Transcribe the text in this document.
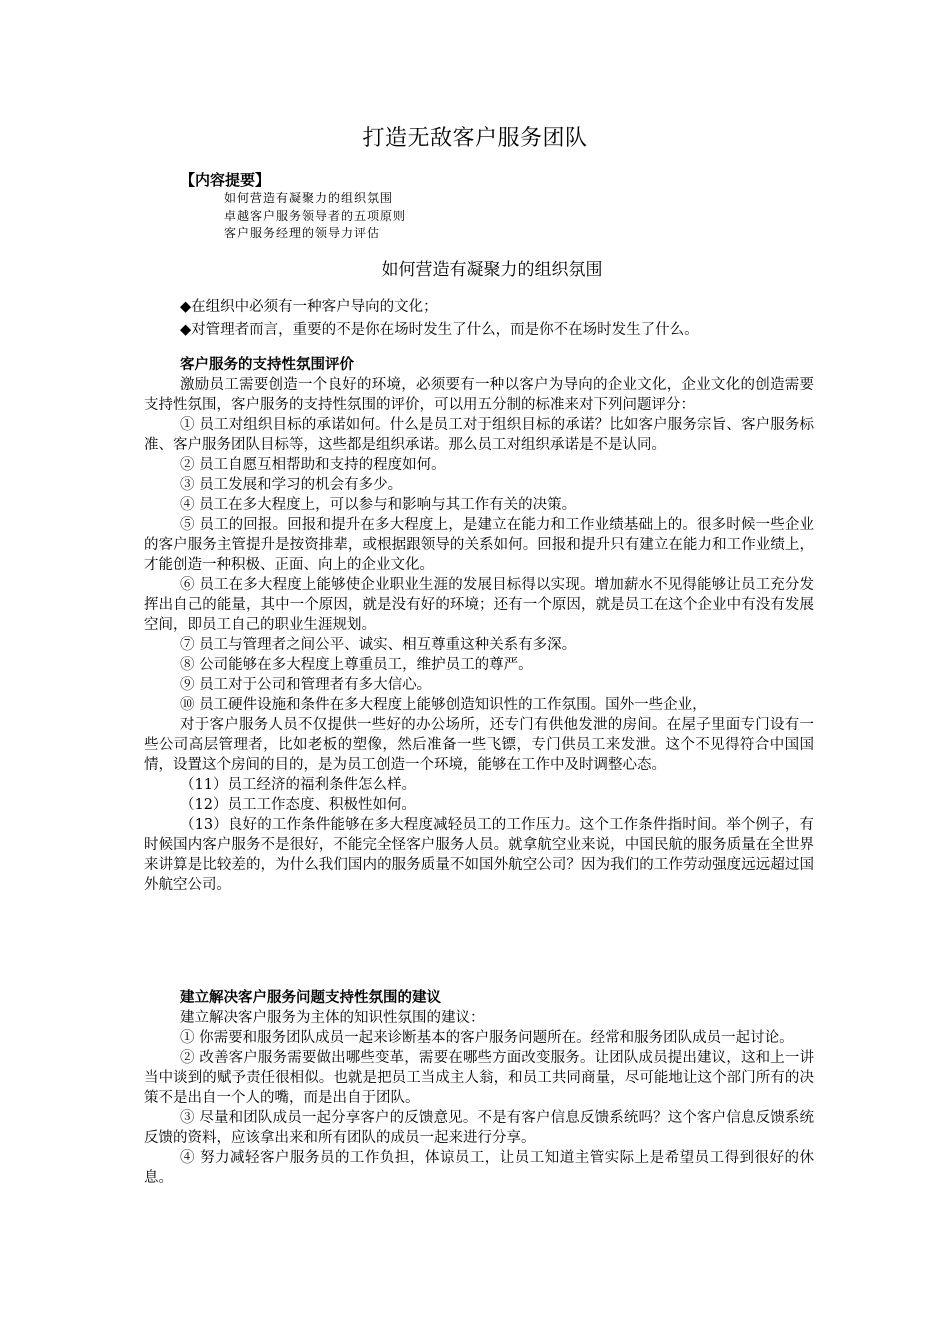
打造无敌客户服务团队
【内容提要】
如何营造有凝聚力的组织氛围
卓越客户服务领导者的五项原则
客户服务经理的领导力评估
如何营造有凝聚力的组织氛围

◆在组织中必须有一种客户导向的文化；

◆对管理者而言，重要的不是你在场时发生了什么，而是你不在场时发生了什么。

客户服务的支持性氛围评价

激励员工需要创造一个良好的环境，必须要有一种以客户为导向的企业文化，企业文化的创造需要支持性氛围，客户服务的支持性氛围的评价，可以用五分制的标准来对下列问题评分：

① 员工对组织目标的承诺如何。什么是员工对于组织目标的承诺？比如客户服务宗旨、客户服务标准、客户服务团队目标等，这些都是组织承诺。那么员工对组织承诺是不是认同。

② 员工自愿互相帮助和支持的程度如何。

③ 员工发展和学习的机会有多少。

④ 员工在多大程度上，可以参与和影响与其工作有关的决策。

⑤ 员工的回报。回报和提升在多大程度上，是建立在能力和工作业绩基础上的。很多时候一些企业的客户服务主管提升是按资排辈，或根据跟领导的关系如何。回报和提升只有建立在能力和工作业绩上，才能创造一种积极、正面、向上的企业文化。

⑥ 员工在多大程度上能够使企业职业生涯的发展目标得以实现。增加薪水不见得能够让员工充分发挥出自己的能量，其中一个原因，就是没有好的环境；还有一个原因，就是员工在这个企业中有没有发展空间，即员工自己的职业生涯规划。

⑦ 员工与管理者之间公平、诚实、相互尊重这种关系有多深。

⑧ 公司能够在多大程度上尊重员工，维护员工的尊严。

⑨ 员工对于公司和管理者有多大信心。

⑩ 员工硬件设施和条件在多大程度上能够创造知识性的工作氛围。国外一些企业，

对于客户服务人员不仅提供一些好的办公场所，还专门有供他发泄的房间。在屋子里面专门设有一些公司高层管理者，比如老板的塑像，然后准备一些飞镖，专门供员工来发泄。这个不见得符合中国国情，设置这个房间的目的，是为员工创造一个环境，能够在工作中及时调整心态。

（11）员工经济的福利条件怎么样。

（12）员工工作态度、积极性如何。

（13）良好的工作条件能够在多大程度减轻员工的工作压力。这个工作条件指时间。举个例子，有时候国内客户服务不是很好，不能完全怪客户服务人员。就拿航空业来说，中国民航的服务质量在全世界来讲算是比较差的，为什么我们国内的服务质量不如国外航空公司？因为我们的工作劳动强度远远超过国外航空公司。

建立解决客户服务问题支持性氛围的建议

建立解决客户服务为主体的知识性氛围的建议：

① 你需要和服务团队成员一起来诊断基本的客户服务问题所在。经常和服务团队成员一起讨论。

② 改善客户服务需要做出哪些变革，需要在哪些方面改变服务。让团队成员提出建议，这和上一讲当中谈到的赋予责任很相似。也就是把员工当成主人翁，和员工共同商量，尽可能地让这个部门所有的决策不是出自一个人的嘴，而是出自于团队。

③ 尽量和团队成员一起分享客户的反馈意见。不是有客户信息反馈系统吗？这个客户信息反馈系统反馈的资料，应该拿出来和所有团队的成员一起来进行分享。

④ 努力减轻客户服务员的工作负担，体谅员工，让员工知道主管实际上是希望员工得到很好的休息。
